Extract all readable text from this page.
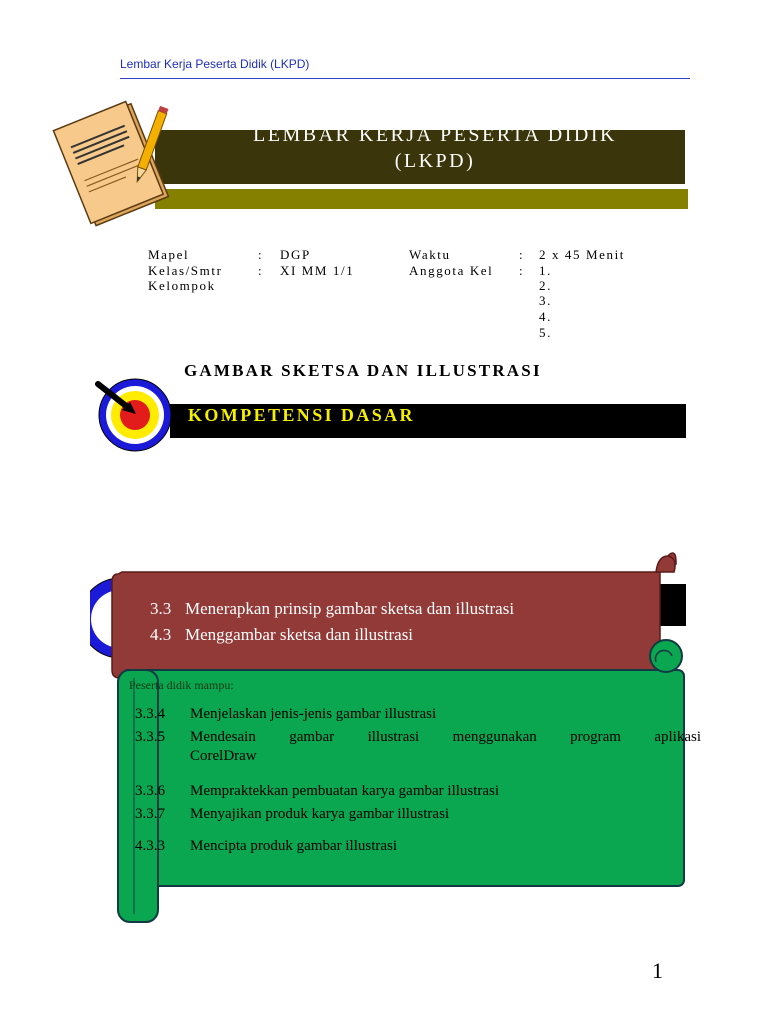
Lembar Kerja Peserta Didik (LKPD)
LEMBAR KERJA PESERTA DIDIK
(LKPD)
Mapel	: DGP
Kelas/Smtr	: XI MM 1/1
Kelompok
Waktu	: 2 x 45 Menit
Anggota Kel : 1.
2.
3.
4.
5.
GAMBAR SKETSA DAN ILLUSTRASI
KOMPETENSI DASAR
3.3 Menerapkan prinsip gambar sketsa dan illustrasi
4.3 Menggambar sketsa dan illustrasi
Peserta didik mampu:
3.3.4 Menjelaskan jenis-jenis gambar illustrasi
3.3.5	Mendesain gambar illustrasi menggunakan program aplikasi
CorelDraw
3.3.6 Mempraktekkan pembuatan karya gambar illustrasi
3.3.7 Menyajikan produk karya gambar illustrasi
4.3.3 Mencipta produk gambar illustrasi
1
